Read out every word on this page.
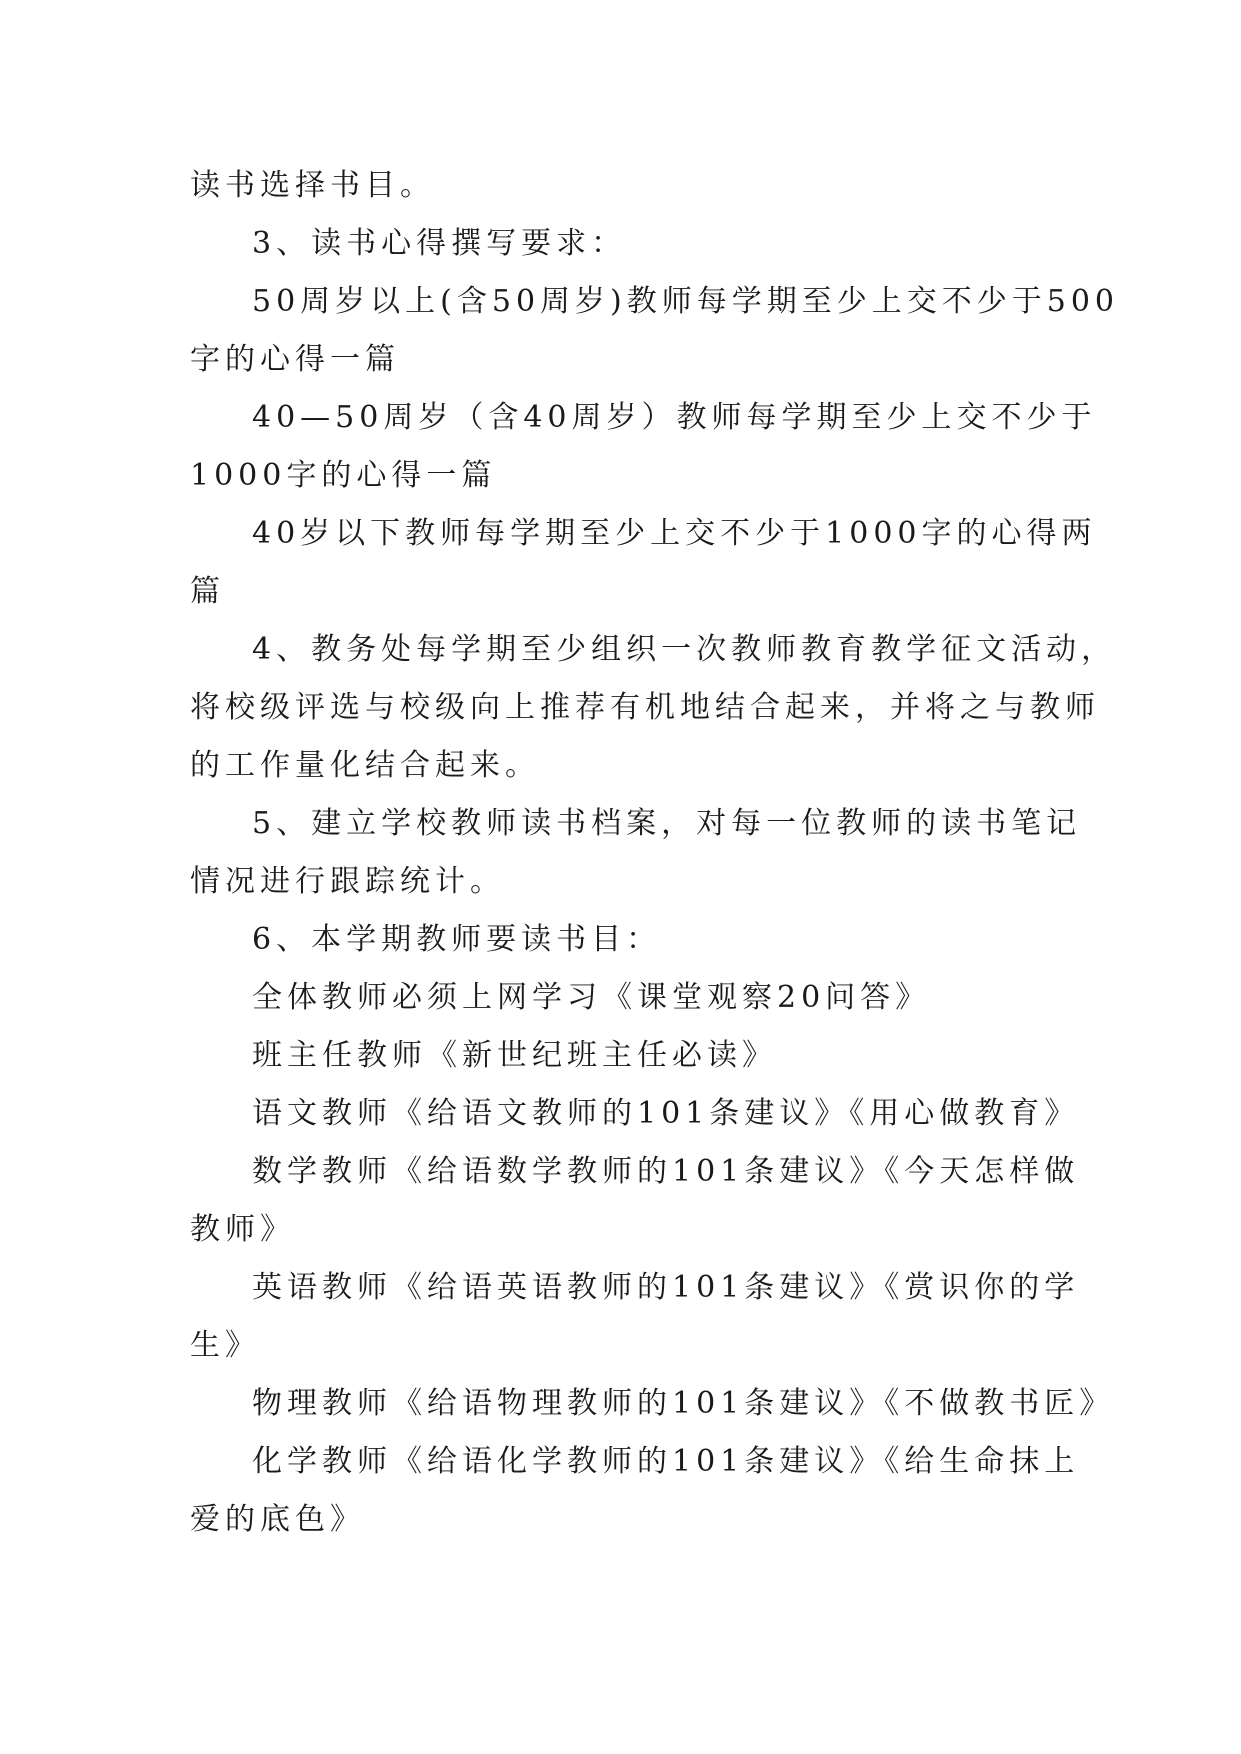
读书选择书目。
3、读书心得撰写要求：
50周岁以上(含50周岁)教师每学期至少上交不少于500
字的心得一篇
40—50周岁（含40周岁）教师每学期至少上交不少于
1000字的心得一篇
40岁以下教师每学期至少上交不少于1000字的心得两
篇
4、教务处每学期至少组织一次教师教育教学征文活动，
将校级评选与校级向上推荐有机地结合起来，并将之与教师
的工作量化结合起来。
5、建立学校教师读书档案，对每一位教师的读书笔记
情况进行跟踪统计。
6、本学期教师要读书目：
全体教师必须上网学习《课堂观察20问答》
班主任教师《新世纪班主任必读》
语文教师《给语文教师的101条建议》《用心做教育》
数学教师《给语数学教师的101条建议》《今天怎样做
教师》
英语教师《给语英语教师的101条建议》《赏识你的学
生》
物理教师《给语物理教师的101条建议》《不做教书匠》
化学教师《给语化学教师的101条建议》《给生命抹上
爱的底色》
